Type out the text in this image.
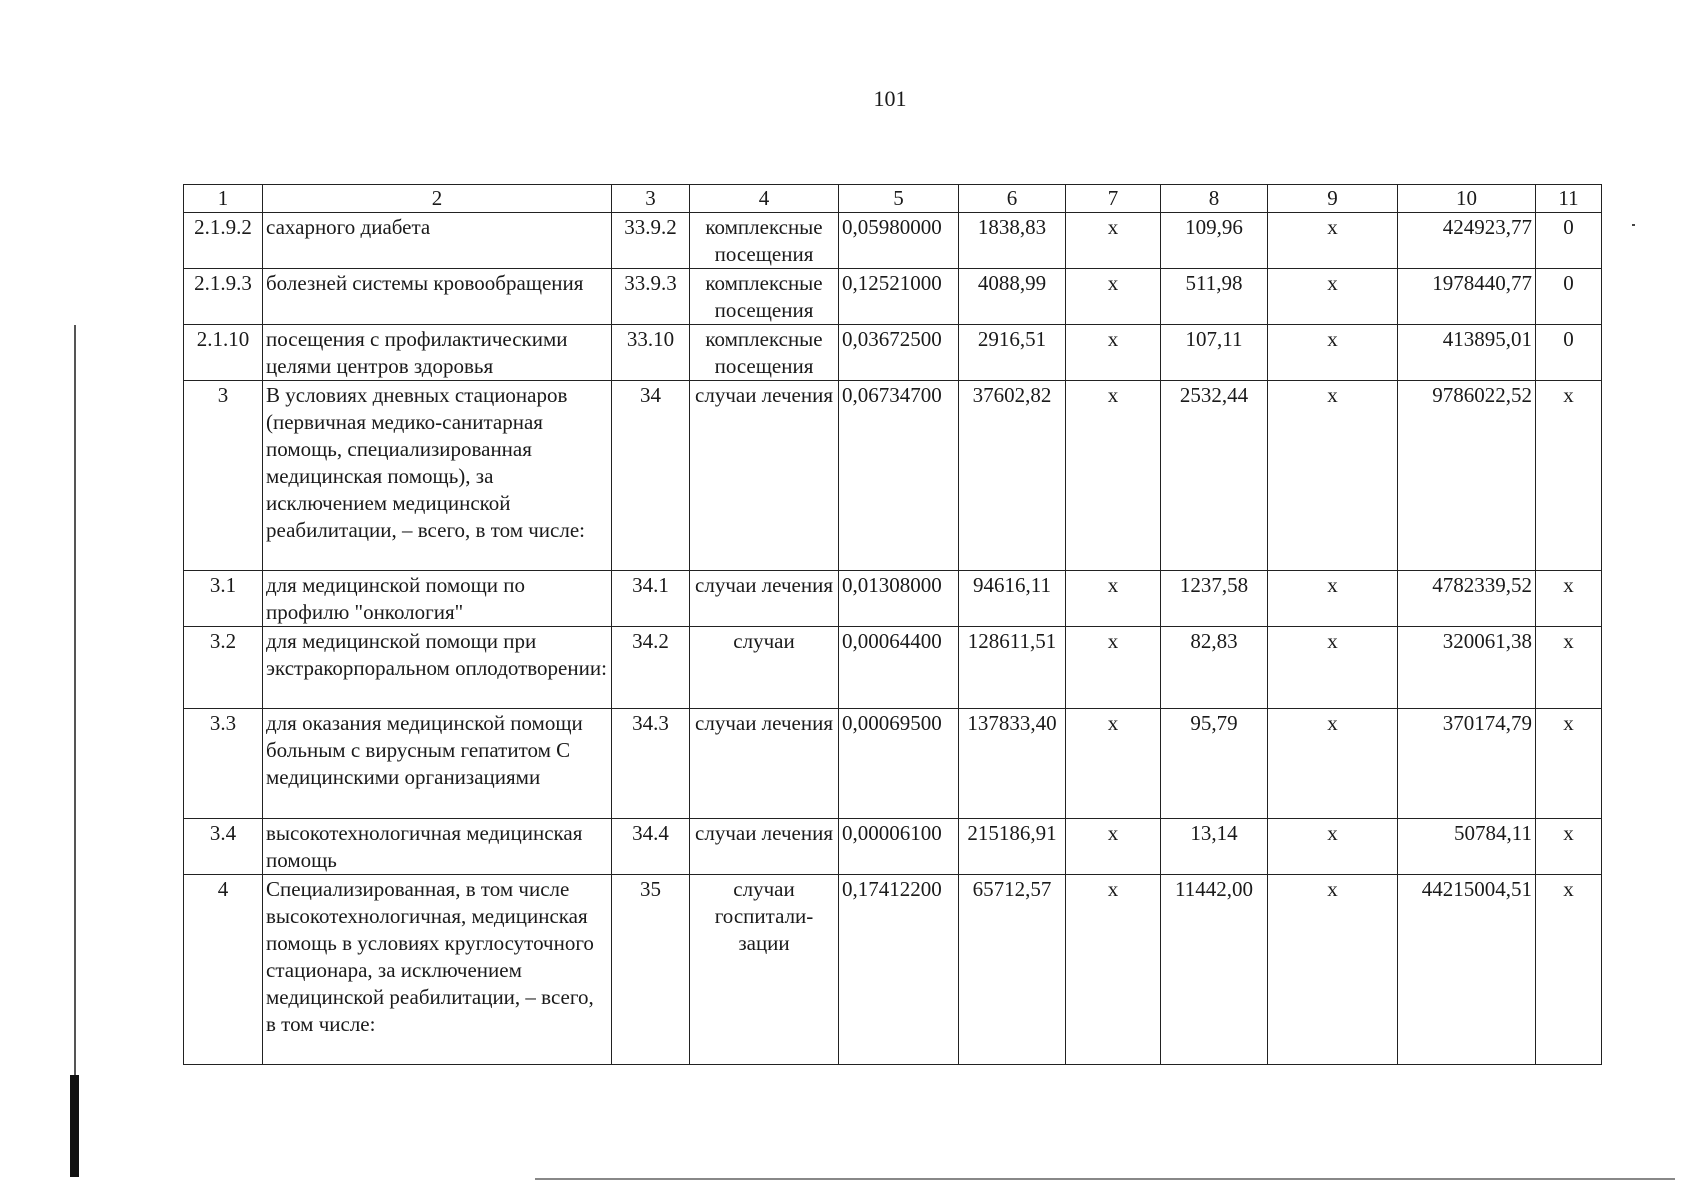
101
1	2	3	4	5	6	7	8	9	10	11
2.1.9.2	сахарного диабета	33.9.2	комплексные посещения	0,05980000	1838,83	х	109,96	х	424923,77	0
2.1.9.3	болезней системы кровообращения	33.9.3	комплексные посещения	0,12521000	4088,99	х	511,98	х	1978440,77	0
2.1.10	посещения с профилактическими целями центров здоровья	33.10	комплексные посещения	0,03672500	2916,51	х	107,11	х	413895,01	0
3	В условиях дневных стационаров (первичная медико-санитарная помощь, специализированная медицинская помощь), за исключением медицинской реабилитации, – всего, в том числе:	34	случаи лечения	0,06734700	37602,82	х	2532,44	х	9786022,52	х
3.1	для медицинской помощи по профилю "онкология"	34.1	случаи лечения	0,01308000	94616,11	х	1237,58	х	4782339,52	х
3.2	для медицинской помощи при экстракорпоральном оплодотворении:	34.2	случаи	0,00064400	128611,51	х	82,83	х	320061,38	х
3.3	для оказания медицинской помощи больным с вирусным гепатитом С медицинскими организациями	34.3	случаи лечения	0,00069500	137833,40	х	95,79	х	370174,79	х
3.4	высокотехнологичная медицинская помощь	34.4	случаи лечения	0,00006100	215186,91	х	13,14	х	50784,11	х
4	Специализированная, в том числе высокотехнологичная, медицинская помощь в условиях круглосуточного стационара, за исключением медицинской реабилитации, – всего, в том числе:	35	случаи госпитали-зации	0,17412200	65712,57	х	11442,00	х	44215004,51	х
